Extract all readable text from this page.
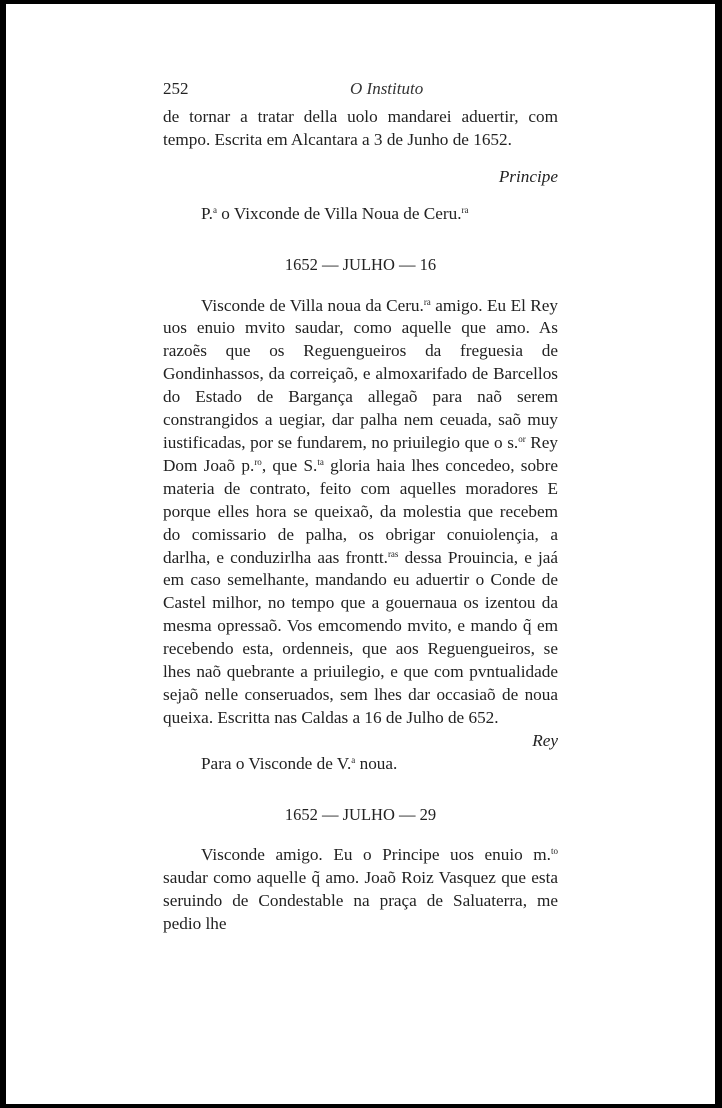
252	O Instituto

de tornar a tratar della uolo mandarei aduertir, com tempo. Escrita em Alcantara a 3 de Junho de 1652.

Principe

P.$^a$ o Vixconde de Villa Noua de Ceru.$^{ra}$

1652 — JULHO — 16

Visconde de Villa noua da Ceru.$^{ra}$ amigo. Eu El Rey uos enuio mvito saudar, como aquelle que amo. As razoẽs que os Reguengueiros da freguesia de Gondinhassos, da correiçaõ, e almoxarifado de Barcellos do Estado de Bargança allegaõ para naõ serem constrangidos a uegiar, dar palha nem ceuada, saõ muy iustificadas, por se fundarem, no priuilegio que o s.$^{or}$ Rey Dom Joaõ p.$^{ro}$, que S.$^{ta}$ gloria haia lhes concedeo, sobre materia de contrato, feito com aquelles moradores E porque elles hora se queixaõ, da molestia que recebem do comissario de palha, os obrigar conuiolençia, a darlha, e conduzirlha aas frontt.$^{ras}$ dessa Prouincia, e jaá em caso semelhante, mandando eu aduertir o Conde de Castel milhor, no tempo que a gouernaua os izentou da mesma opressaõ. Vos emcomendo mvito, e mando q̃ em recebendo esta, ordenneis, que aos Reguengueiros, se lhes naõ quebrante a priuilegio, e que com pvntualidade sejaõ nelle conseruados, sem lhes dar occasiaõ de noua queixa. Escritta nas Caldas a 16 de Julho de 652.

Rey

Para o Visconde de V.$^a$ noua.

1652 — JULHO — 29

Visconde amigo. Eu o Principe uos enuio m.$^{to}$ saudar como aquelle q̃ amo. Joaõ Roiz Vasquez que esta seruindo de Condestable na praça de Saluaterra, me pedio lhe
